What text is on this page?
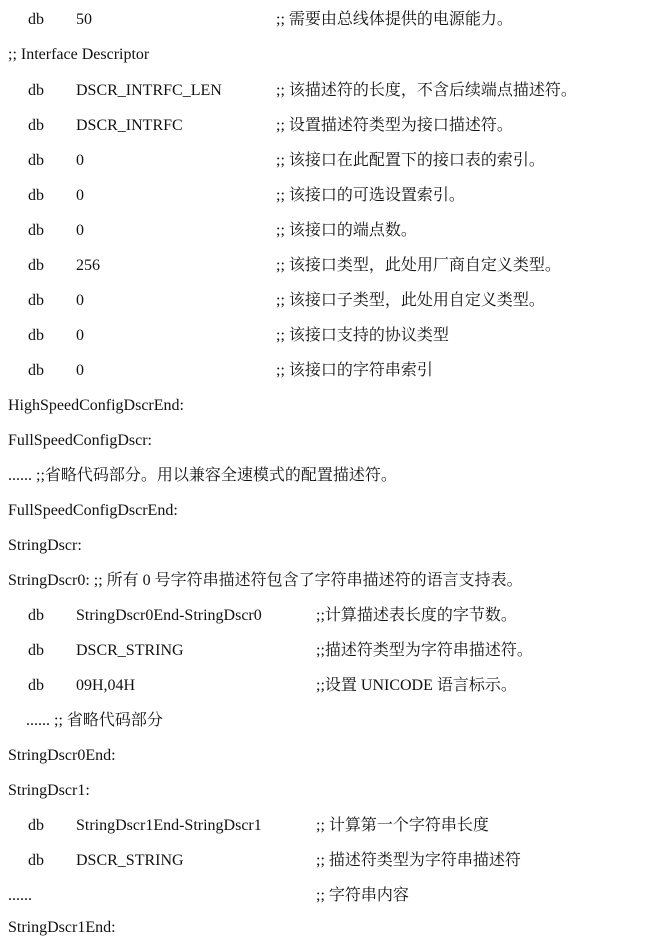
db 50	;; 需要由总线体提供的电源能力。
;; Interface Descriptor
db DSCR_INTRFC_LEN	;; 该描述符的长度，不含后续端点描述符。
db DSCR_INTRFC	;; 设置描述符类型为接口描述符。
db 0	;; 该接口在此配置下的接口表的索引。
db 0	;; 该接口的可选设置索引。
db 0	;; 该接口的端点数。
db 256	;; 该接口类型，此处用厂商自定义类型。
db 0	;; 该接口子类型，此处用自定义类型。
db 0	;; 该接口支持的协议类型
db 0	;; 该接口的字符串索引
HighSpeedConfigDscrEnd:
FullSpeedConfigDscr:
...... ;;省略代码部分。用以兼容全速模式的配置描述符。
FullSpeedConfigDscrEnd:
StringDscr:
StringDscr0: ;; 所有 0 号字符串描述符包含了字符串描述符的语言支持表。
db StringDscr0End-StringDscr0	;;计算描述表长度的字节数。
db DSCR_STRING	;;描述符类型为字符串描述符。
db 09H,04H	;;设置 UNICODE 语言标示。
...... ;; 省略代码部分
StringDscr0End:
StringDscr1:
db StringDscr1End-StringDscr1	;; 计算第一个字符串长度
db DSCR_STRING	;; 描述符类型为字符串描述符
......	;; 字符串内容
StringDscr1End:
